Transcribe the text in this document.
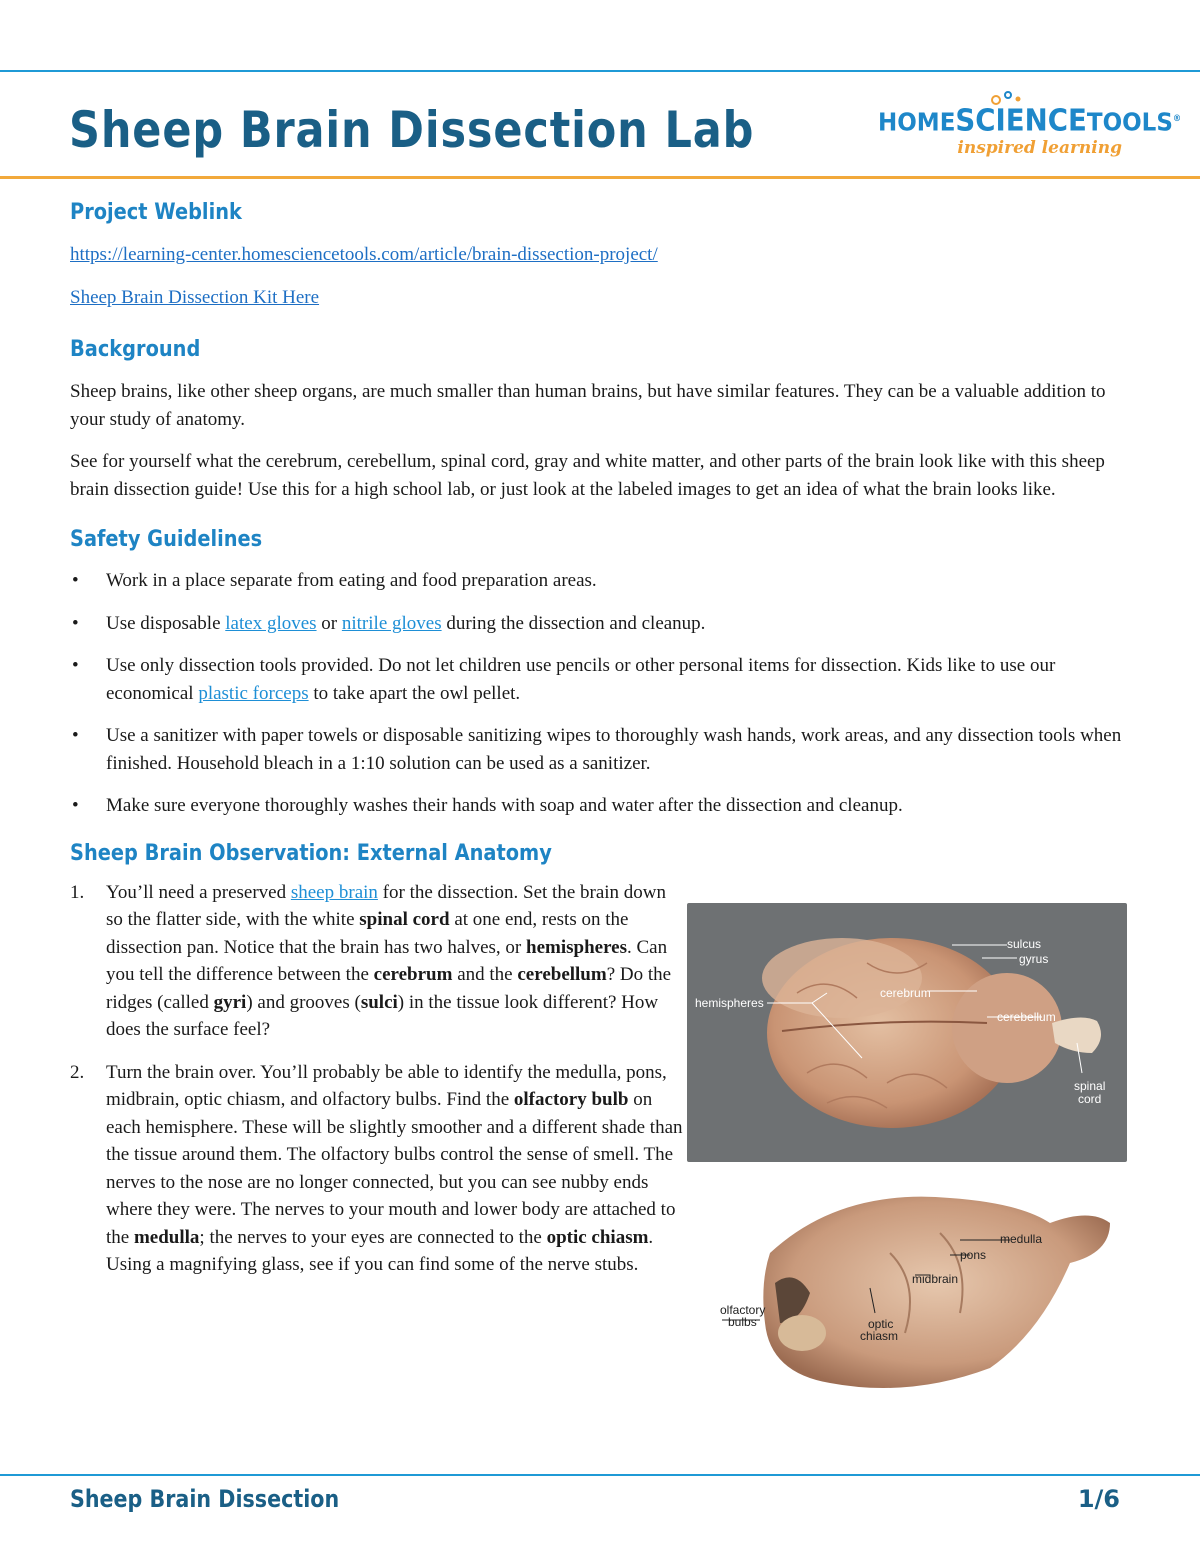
Sheep Brain Dissection Lab	HOMESCIENCETOOLS®
inspired learning
Project Weblink

https://learning-center.homesciencetools.com/article/brain-dissection-project/

Sheep Brain Dissection Kit Here

Background

Sheep brains, like other sheep organs, are much smaller than human brains, but have similar features. They can be a valuable addition to your study of anatomy.

See for yourself what the cerebrum, cerebellum, spinal cord, gray and white matter, and other parts of the brain look like with this sheep brain dissection guide! Use this for a high school lab, or just look at the labeled images to get an idea of what the brain looks like.

Safety Guidelines
• Work in a place separate from eating and food preparation areas.
• Use disposable latex gloves or nitrile gloves during the dissection and cleanup.
• Use only dissection tools provided. Do not let children use pencils or other personal items for dissection. Kids like to use our economical plastic forceps to take apart the owl pellet.
• Use a sanitizer with paper towels or disposable sanitizing wipes to thoroughly wash hands, work areas, and any dissection tools when finished. Household bleach in a 1:10 solution can be used as a sanitizer.
• Make sure everyone thoroughly washes their hands with soap and water after the dissection and cleanup.
Sheep Brain Observation: External Anatomy
1. You’ll need a preserved sheep brain for the dissection. Set the brain down so the flatter side, with the white spinal cord at one end, rests on the dissection pan. Notice that the brain has two halves, or hemispheres. Can you tell the difference between the cerebrum and the cerebellum? Do the ridges (called gyri) and grooves (sulci) in the tissue look different? How does the surface feel?
2. Turn the brain over. You’ll probably be able to identify the medulla, pons, midbrain, optic chiasm, and olfactory bulbs. Find the olfactory bulb on each hemisphere. These will be slightly smoother and a different shade than the tissue around them. The olfactory bulbs control the sense of smell. The nerves to the nose are no longer connected, but you can see nubby ends where they were. The nerves to your mouth and lower body are attached to the medulla; the nerves to your eyes are connected to the optic chiasm. Using a magnifying glass, see if you can find some of the nerve stubs.
sulcus
gyrus
cerebrum
hemispheres
cerebellum
spinal
cord
medulla
pons
midbrain
olfactory
bulbs	optic
chiasm
Sheep Brain Dissection	1/6
